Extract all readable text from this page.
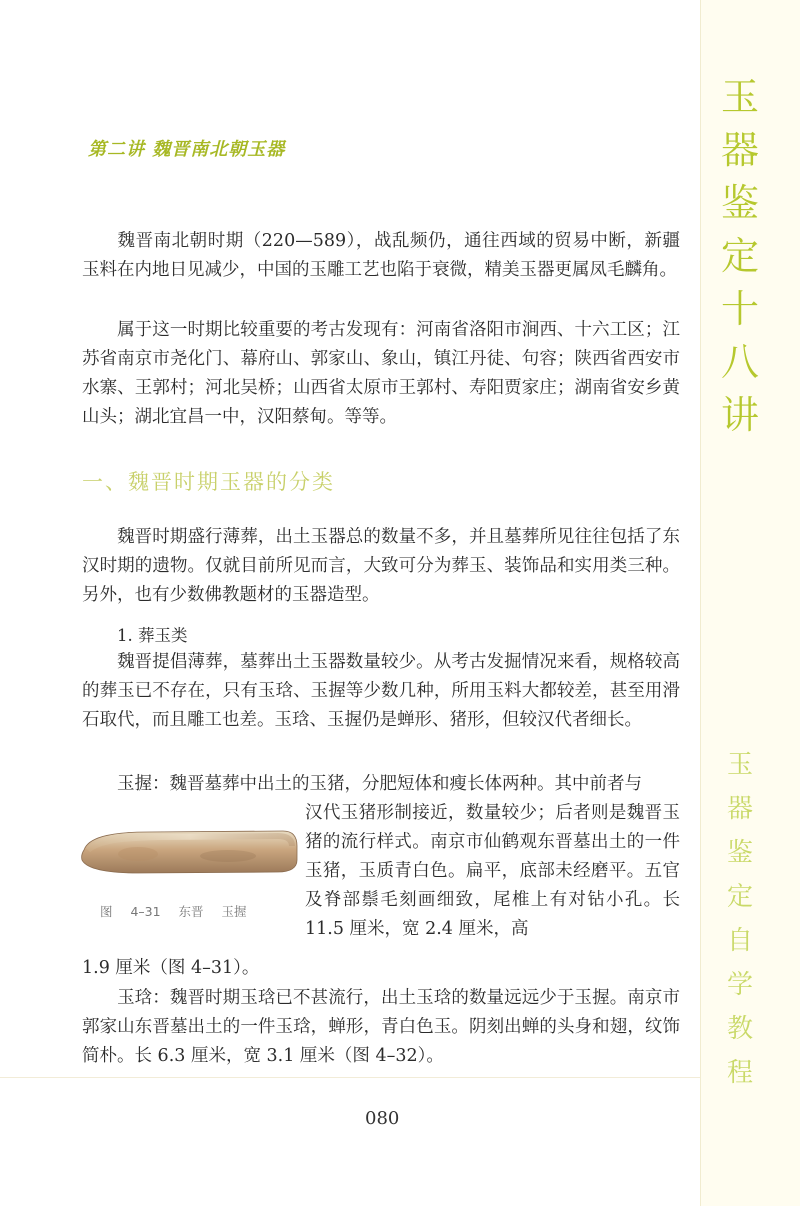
玉
器
鉴
定
十
八
讲
玉
器
鉴
定
自
学
教
程
第二讲 魏晋南北朝玉器

魏晋南北朝时期（220—589），战乱频仍，通往西域的贸易中断，新疆玉料在内地日见减少，中国的玉雕工艺也陷于衰微，精美玉器更属凤毛麟角。

属于这一时期比较重要的考古发现有：河南省洛阳市涧西、十六工区；江苏省南京市尧化门、幕府山、郭家山、象山，镇江丹徒、句容；陕西省西安市水寨、王郭村；河北吴桥；山西省太原市王郭村、寿阳贾家庄；湖南省安乡黄山头；湖北宜昌一中，汉阳蔡甸。等等。

一、魏晋时期玉器的分类

魏晋时期盛行薄葬，出土玉器总的数量不多，并且墓葬所见往往包括了东汉时期的遗物。仅就目前所见而言，大致可分为葬玉、装饰品和实用类三种。另外，也有少数佛教题材的玉器造型。

1. 葬玉类

魏晋提倡薄葬，墓葬出土玉器数量较少。从考古发掘情况来看，规格较高的葬玉已不存在，只有玉琀、玉握等少数几种，所用玉料大都较差，甚至用滑石取代，而且雕工也差。玉琀、玉握仍是蝉形、猪形，但较汉代者细长。

玉握：魏晋墓葬中出土的玉猪，分肥短体和瘦长体两种。其中前者与

汉代玉猪形制接近，数量较少；后者则是魏晋玉猪的流行样式。南京市仙鹤观东晋墓出土的一件玉猪，玉质青白色。扁平，底部未经磨平。五官及脊部鬃毛刻画细致，尾椎上有对钻小孔。长 11.5 厘米，宽 2.4 厘米，高

1.9 厘米（图 4–31）。

图 4–31 东晋 玉握

玉琀：魏晋时期玉琀已不甚流行，出土玉琀的数量远远少于玉握。南京市郭家山东晋墓出土的一件玉琀，蝉形，青白色玉。阴刻出蝉的头身和翅，纹饰简朴。长 6.3 厘米，宽 3.1 厘米（图 4–32）。

080
